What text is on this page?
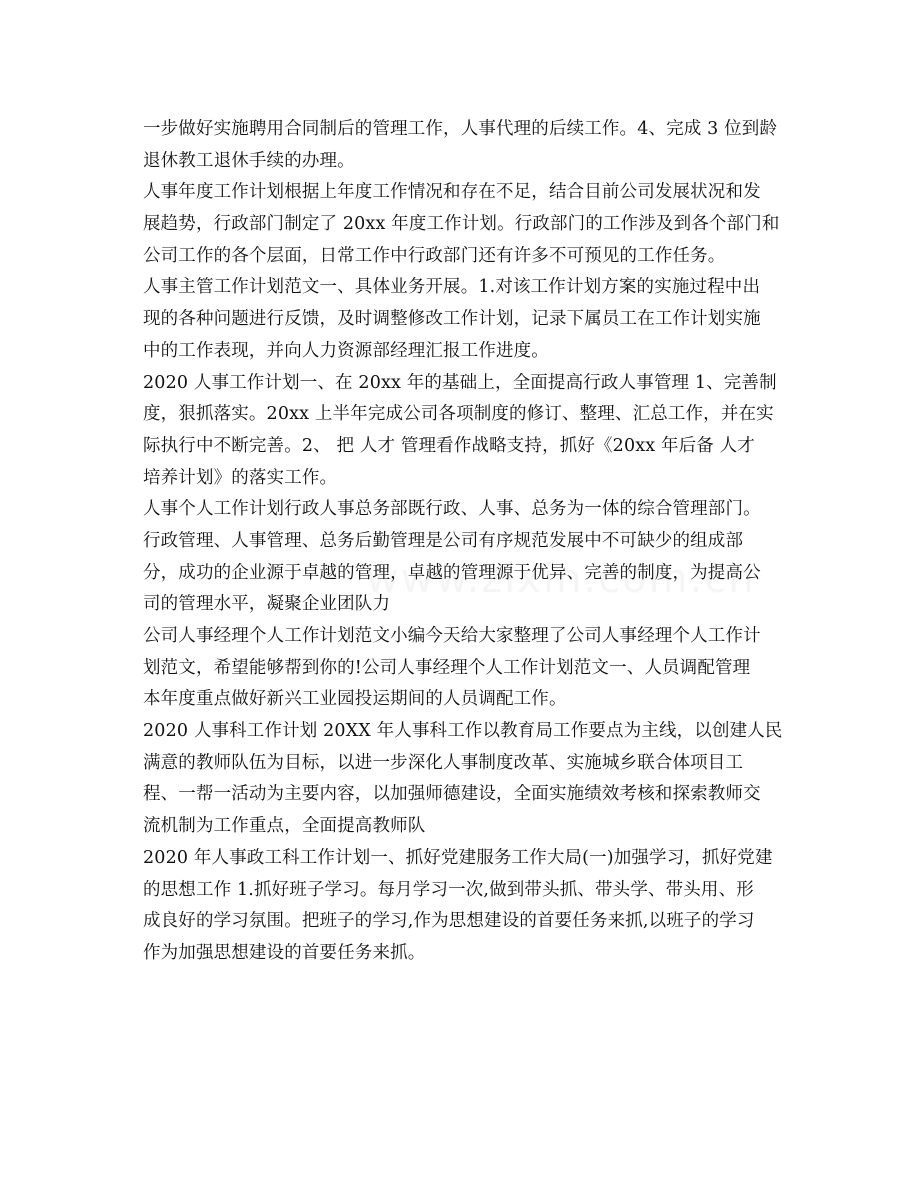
一步做好实施聘用合同制后的管理工作，人事代理的后续工作。4、完成 3 位到龄
退休教工退休手续的办理。
人事年度工作计划根据上年度工作情况和存在不足，结合目前公司发展状况和发
展趋势，行政部门制定了 20xx 年度工作计划。行政部门的工作涉及到各个部门和
公司工作的各个层面，日常工作中行政部门还有许多不可预见的工作任务。
人事主管工作计划范文一、具体业务开展。1.对该工作计划方案的实施过程中出
现的各种问题进行反馈，及时调整修改工作计划，记录下属员工在工作计划实施
中的工作表现，并向人力资源部经理汇报工作进度。
2020 人事工作计划一、在 20xx 年的基础上，全面提高行政人事管理 1、完善制
度，狠抓落实。20xx 上半年完成公司各项制度的修订、整理、汇总工作，并在实
际执行中不断完善。2、 把 人才 管理看作战略支持，抓好《20xx 年后备 人才
培养计划》的落实工作。
人事个人工作计划行政人事总务部既行政、人事、总务为一体的综合管理部门。
行政管理、人事管理、总务后勤管理是公司有序规范发展中不可缺少的组成部
分，成功的企业源于卓越的管理，卓越的管理源于优异、完善的制度，为提高公
司的管理水平，凝聚企业团队力
公司人事经理个人工作计划范文小编今天给大家整理了公司人事经理个人工作计
划范文，希望能够帮到你的!公司人事经理个人工作计划范文一、人员调配管理
本年度重点做好新兴工业园投运期间的人员调配工作。
2020 人事科工作计划 20XX 年人事科工作以教育局工作要点为主线，以创建人民
满意的教师队伍为目标，以进一步深化人事制度改革、实施城乡联合体项目工
程、一帮一活动为主要内容，以加强师德建设，全面实施绩效考核和探索教师交
流机制为工作重点，全面提高教师队
2020 年人事政工科工作计划一、抓好党建服务工作大局(一)加强学习，抓好党建
的思想工作 1.抓好班子学习。每月学习一次,做到带头抓、带头学、带头用、形
成良好的学习氛围。把班子的学习,作为思想建设的首要任务来抓,以班子的学习
作为加强思想建设的首要任务来抓。
